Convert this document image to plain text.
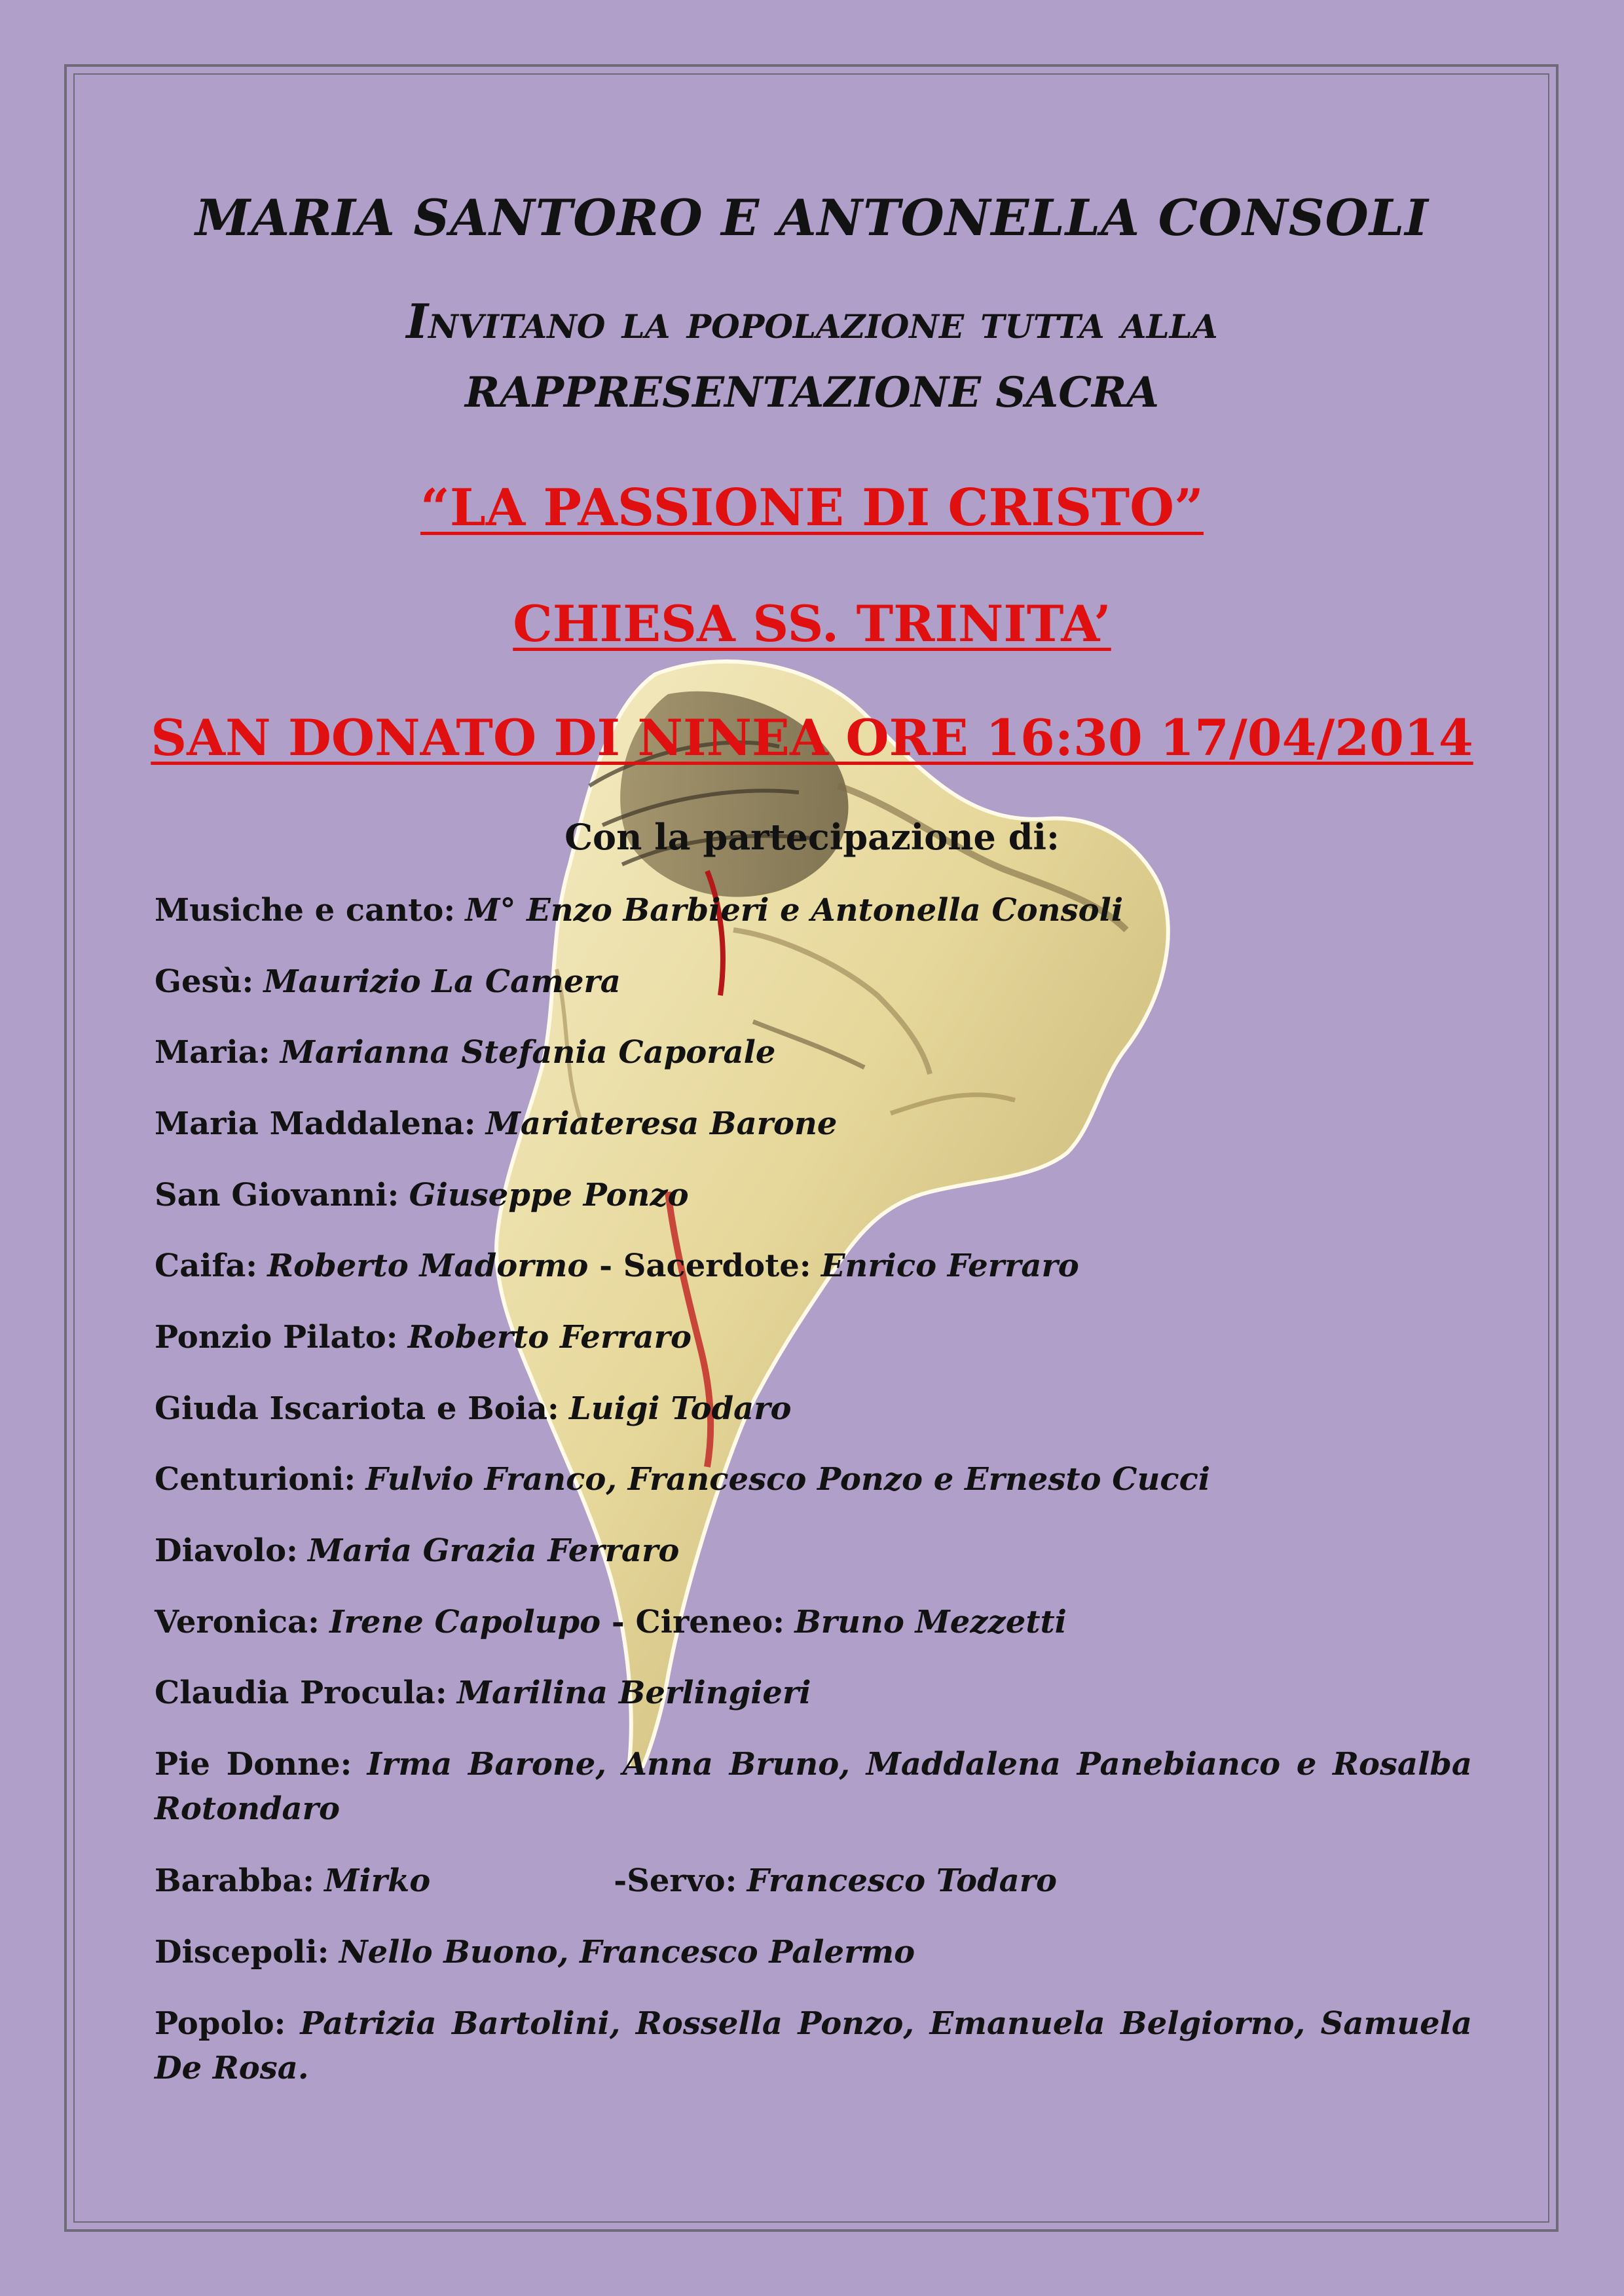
MARIA SANTORO E ANTONELLA CONSOLI
Invitano la popolazione tutta alla
RAPPRESENTAZIONE SACRA
“LA PASSIONE DI CRISTO”
CHIESA SS. TRINITA’
SAN DONATO DI NINEA ORE 16:30 17/04/2014
Con la partecipazione di:
Musiche e canto: M° Enzo Barbieri e Antonella Consoli
Gesù: Maurizio La Camera
Maria: Marianna Stefania Caporale
Maria Maddalena: Mariateresa Barone
San Giovanni: Giuseppe Ponzo
Caifa: Roberto Madormo - Sacerdote: Enrico Ferraro
Ponzio Pilato: Roberto Ferraro
Giuda Iscariota e Boia: Luigi Todaro
Centurioni: Fulvio Franco, Francesco Ponzo e Ernesto Cucci
Diavolo: Maria Grazia Ferraro
Veronica: Irene Capolupo - Cireneo: Bruno Mezzetti
Claudia Procula: Marilina Berlingieri
Pie Donne: Irma Barone, Anna Bruno, Maddalena Panebianco e Rosalba Rotondaro
Barabba: Mirko	-Servo: Francesco Todaro
Discepoli: Nello Buono, Francesco Palermo
Popolo: Patrizia Bartolini, Rossella Ponzo, Emanuela Belgiorno, Samuela De Rosa.
